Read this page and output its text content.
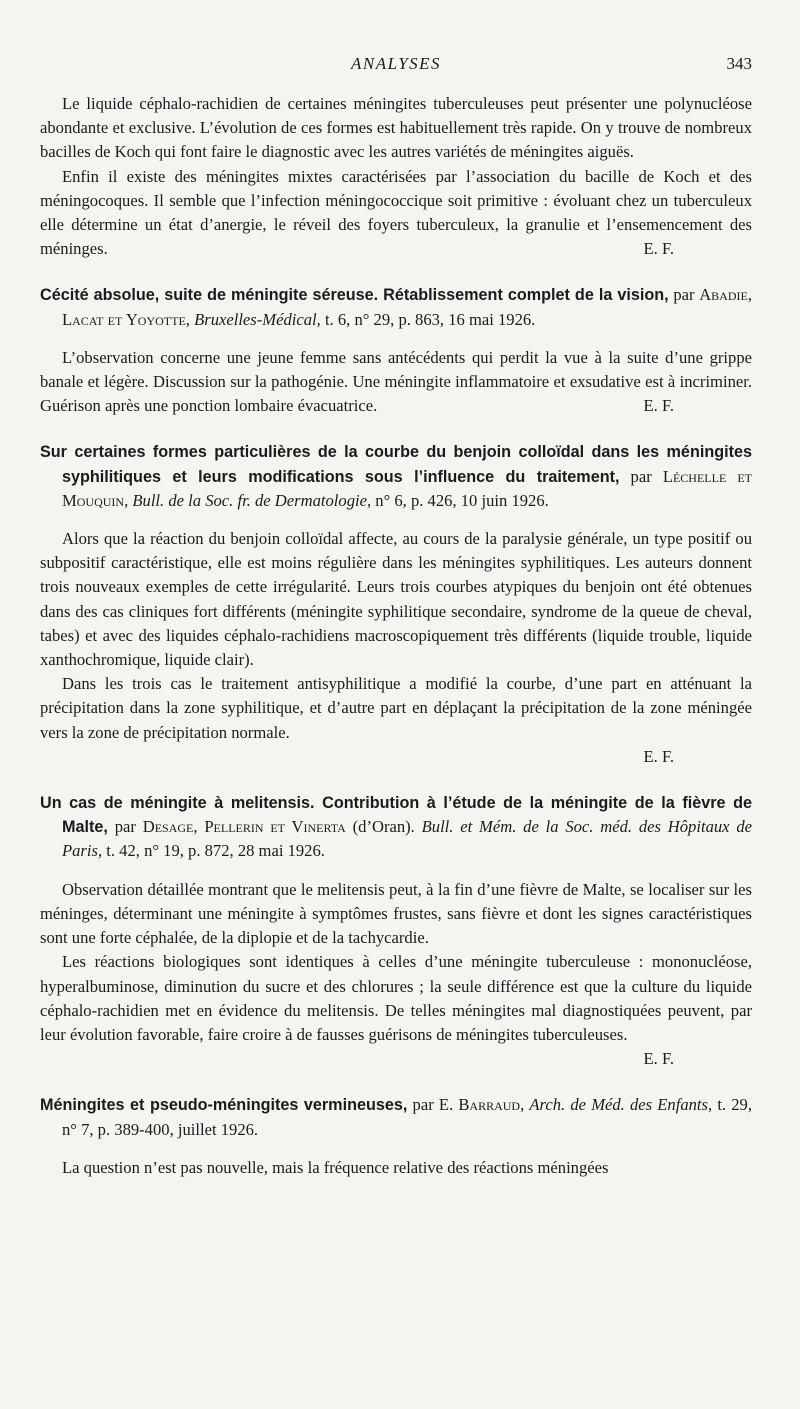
ANALYSES	343

Le liquide céphalo-rachidien de certaines méningites tuberculeuses peut présenter une polynucléose abondante et exclusive. L’évolution de ces formes est habituellement très rapide. On y trouve de nombreux bacilles de Koch qui font faire le diagnostic avec les autres variétés de méningites aiguës.

Enfin il existe des méningites mixtes caractérisées par l’association du bacille de Koch et des méningocoques. Il semble que l’infection méningococcique soit primitive : évoluant chez un tuberculeux elle détermine un état d’anergie, le réveil des foyers tuberculeux, la granulie et l’ensemencement des méninges.	E. F.

Cécité absolue, suite de méningite séreuse. Rétablissement complet de la vision, par Abadie, Lacat et Yoyotte, Bruxelles-Médical, t. 6, n° 29, p. 863, 16 mai 1926.

L’observation concerne une jeune femme sans antécédents qui perdit la vue à la suite d’une grippe banale et légère. Discussion sur la pathogénie. Une méningite inflammatoire et exsudative est à incriminer. Guérison après une ponction lombaire évacuatrice.	E. F.

Sur certaines formes particulières de la courbe du benjoin colloïdal dans les méningites syphilitiques et leurs modifications sous l’influence du traitement, par Léchelle et Mouquin, Bull. de la Soc. fr. de Dermatologie, n° 6, p. 426, 10 juin 1926.

Alors que la réaction du benjoin colloïdal affecte, au cours de la paralysie générale, un type positif ou subpositif caractéristique, elle est moins régulière dans les méningites syphilitiques. Les auteurs donnent trois nouveaux exemples de cette irrégularité. Leurs trois courbes atypiques du benjoin ont été obtenues dans des cas cliniques fort différents (méningite syphilitique secondaire, syndrome de la queue de cheval, tabes) et avec des liquides céphalo-rachidiens macroscopiquement très différents (liquide trouble, liquide xanthochromique, liquide clair).

Dans les trois cas le traitement antisyphilitique a modifié la courbe, d’une part en atténuant la précipitation dans la zone syphilitique, et d’autre part en déplaçant la précipitation de la zone méningée vers la zone de précipitation normale.

E. F.
Un cas de méningite à melitensis. Contribution à l’étude de la méningite de la fièvre de Malte, par Desage, Pellerin et Vinerta (d’Oran). Bull. et Mém. de la Soc. méd. des Hôpitaux de Paris, t. 42, n° 19, p. 872, 28 mai 1926.

Observation détaillée montrant que le melitensis peut, à la fin d’une fièvre de Malte, se localiser sur les méninges, déterminant une méningite à symptômes frustes, sans fièvre et dont les signes caractéristiques sont une forte céphalée, de la diplopie et de la tachycardie.

Les réactions biologiques sont identiques à celles d’une méningite tuberculeuse : mononucléose, hyperalbuminose, diminution du sucre et des chlorures ; la seule différence est que la culture du liquide céphalo-rachidien met en évidence du melitensis. De telles méningites mal diagnostiquées peuvent, par leur évolution favorable, faire croire à de fausses guérisons de méningites tuberculeuses.
E. F.

Méningites et pseudo-méningites vermineuses, par E. Barraud, Arch. de Méd. des Enfants, t. 29, n° 7, p. 389-400, juillet 1926.

La question n’est pas nouvelle, mais la fréquence relative des réactions méningées
